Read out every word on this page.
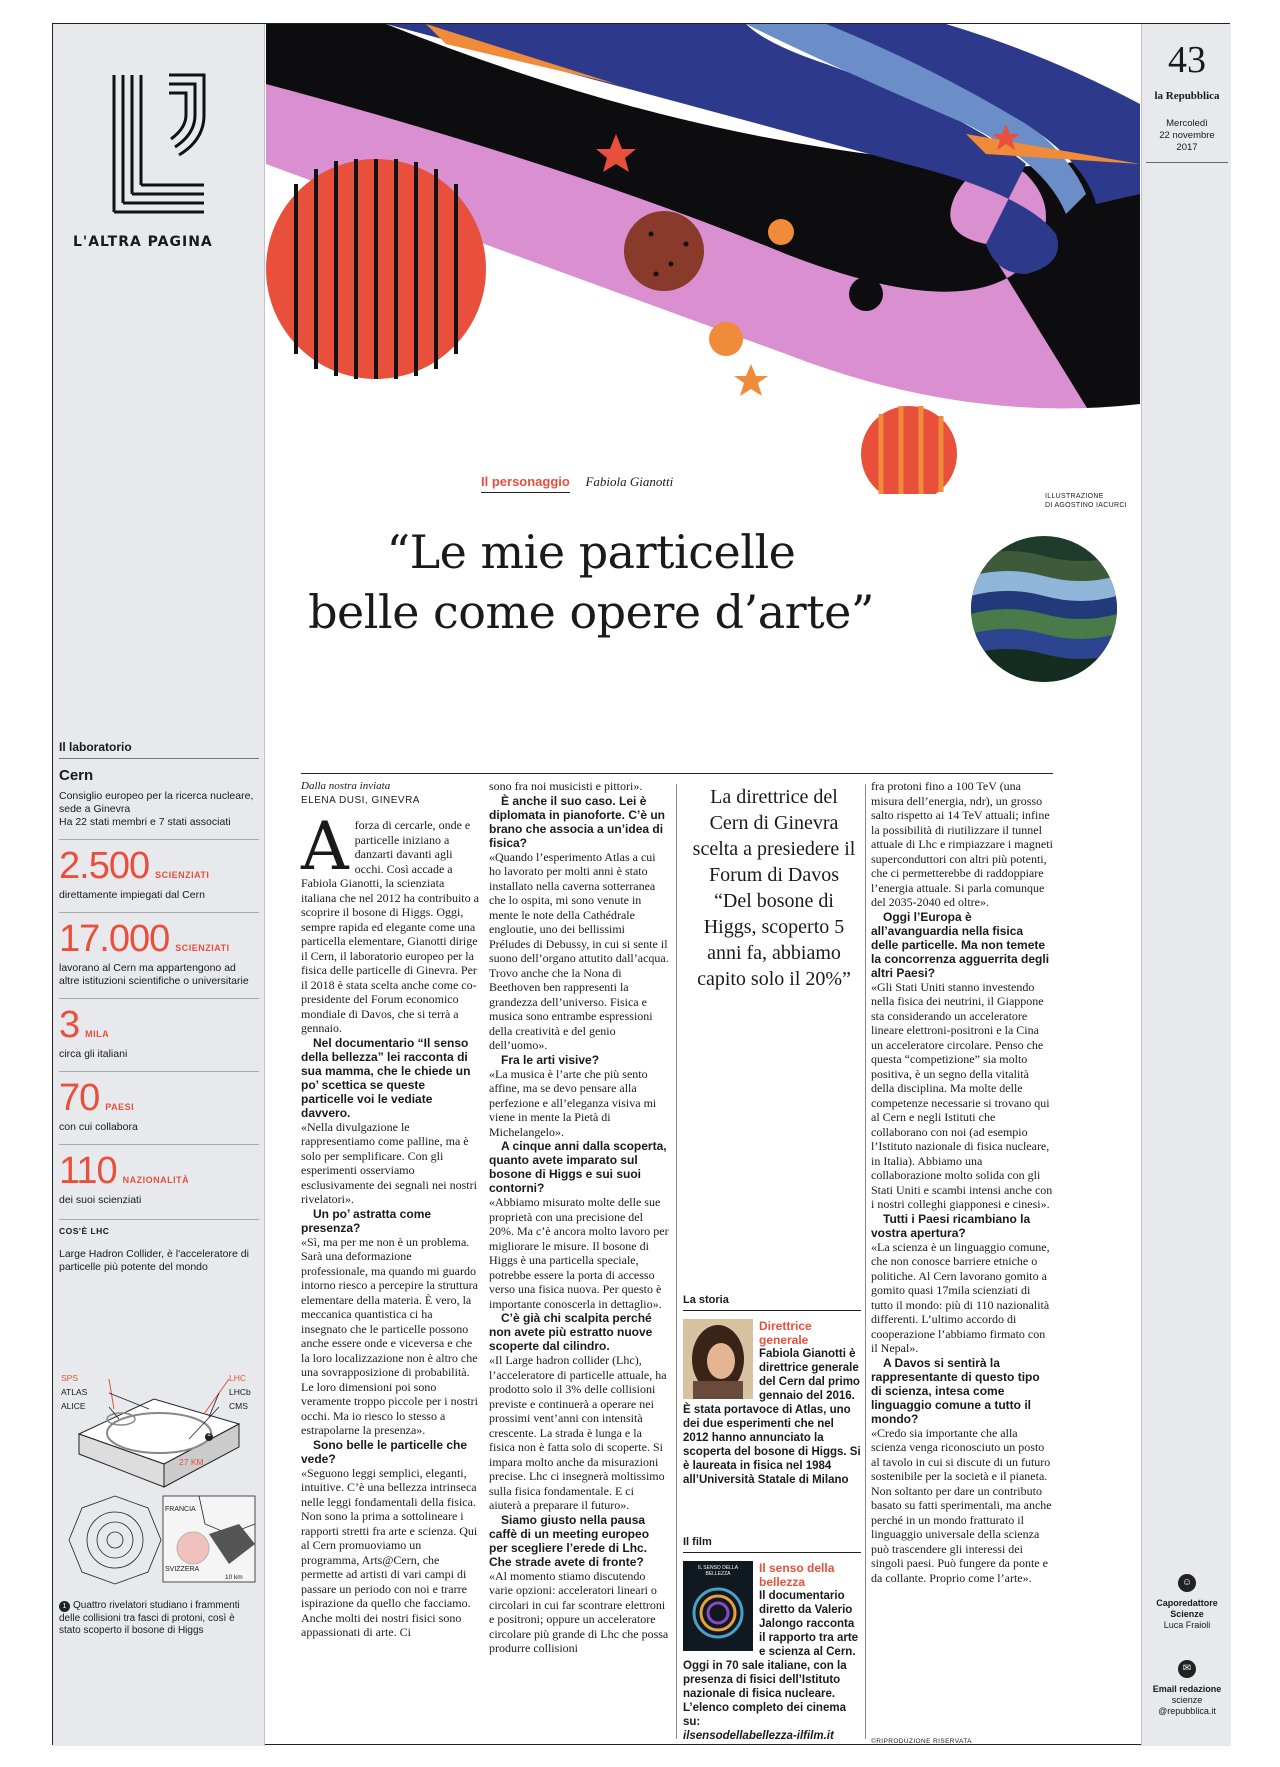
L'ALTRA PAGINA
Il laboratorio
Cern
Consiglio europeo per la ricerca nucleare, sede a Ginevra
Ha 22 stati membri e 7 stati associati
2.500 SCIENZIATI
direttamente impiegati dal Cern
17.000 SCIENZIATI
lavorano al Cern ma appartengono ad altre istituzioni scientifiche o universitarie
3 MILA
circa gli italiani
70 PAESI
con cui collabora
110 NAZIONALITÀ
dei suoi scienziati
COS'È LHC
Large Hadron Collider, è l'acceleratore di particelle più potente del mondo
SPS
ATLAS
ALICE
LHC
LHCb
CMS
27 KM
1
FRANCIA
SVIZZERA
10 km
1 Quattro rivelatori studiano i frammenti delle collisioni tra fasci di protoni, così è stato scoperto il bosone di Higgs
43
la Repubblica
Mercoledì
22 novembre
2017
☺
Caporedattore Scienze
Luca Fraioli
✉
Email redazione
scienze @repubblica.it
ILLUSTRAZIONE
DI AGOSTINO IACURCI
Il personaggio Fabiola Gianotti
“Le mie particelle
belle come opere d’arte”
Dalla nostra inviata
ELENA DUSI, GINEVRA
A forza di cercarle, onde e particelle iniziano a danzarti davanti agli occhi. Così accade a Fabiola Gianotti, la scienziata italiana che nel 2012 ha contribuito a scoprire il bosone di Higgs. Oggi, sempre rapida ed elegante come una particella elementare, Gianotti dirige il Cern, il laboratorio europeo per la fisica delle particelle di Ginevra. Per il 2018 è stata scelta anche come co-presidente del Forum economico mondiale di Davos, che si terrà a gennaio.

Nel documentario “Il senso della bellezza” lei racconta di sua mamma, che le chiede un po’ scettica se queste particelle voi le vediate davvero.

«Nella divulgazione le rappresentiamo come palline, ma è solo per semplificare. Con gli esperimenti osserviamo esclusivamente dei segnali nei nostri rivelatori».

Un po’ astratta come presenza?

«Sì, ma per me non è un problema. Sarà una deformazione professionale, ma quando mi guardo intorno riesco a percepire la struttura elementare della materia. È vero, la meccanica quantistica ci ha insegnato che le particelle possono anche essere onde e viceversa e che la loro localizzazione non è altro che una sovrapposizione di probabilità. Le loro dimensioni poi sono veramente troppo piccole per i nostri occhi. Ma io riesco lo stesso a estrapolarne la presenza».

Sono belle le particelle che vede?

«Seguono leggi semplici, eleganti, intuitive. C’è una bellezza intrinseca nelle leggi fondamentali della fisica. Non sono la prima a sottolineare i rapporti stretti fra arte e scienza. Qui al Cern promuoviamo un programma, Arts@Cern, che permette ad artisti di vari campi di passare un periodo con noi e trarre ispirazione da quello che facciamo. Anche molti dei nostri fisici sono appassionati di arte. Ci

sono fra noi musicisti e pittori».

È anche il suo caso. Lei è diplomata in pianoforte. C’è un brano che associa a un’idea di fisica?

«Quando l’esperimento Atlas a cui ho lavorato per molti anni è stato installato nella caverna sotterranea che lo ospita, mi sono venute in mente le note della Cathédrale engloutie, uno dei bellissimi Préludes di Debussy, in cui si sente il suono dell’organo attutito dall’acqua. Trovo anche che la Nona di Beethoven ben rappresenti la grandezza dell’universo. Fisica e musica sono entrambe espressioni della creatività e del genio dell’uomo».

Fra le arti visive?

«La musica è l’arte che più sento affine, ma se devo pensare alla perfezione e all’eleganza visiva mi viene in mente la Pietà di Michelangelo».

A cinque anni dalla scoperta, quanto avete imparato sul bosone di Higgs e sui suoi contorni?

«Abbiamo misurato molte delle sue proprietà con una precisione del 20%. Ma c’è ancora molto lavoro per migliorare le misure. Il bosone di Higgs è una particella speciale, potrebbe essere la porta di accesso verso una fisica nuova. Per questo è importante conoscerla in dettaglio».

C’è già chi scalpita perché non avete più estratto nuove scoperte dal cilindro.

«Il Large hadron collider (Lhc), l’acceleratore di particelle attuale, ha prodotto solo il 3% delle collisioni previste e continuerà a operare nei prossimi vent’anni con intensità crescente. La strada è lunga e la fisica non è fatta solo di scoperte. Si impara molto anche da misurazioni precise. Lhc ci insegnerà moltissimo sulla fisica fondamentale. E ci aiuterà a preparare il futuro».

Siamo giusto nella pausa caffè di un meeting europeo per scegliere l’erede di Lhc. Che strade avete di fronte?

«Al momento stiamo discutendo varie opzioni: acceleratori lineari o circolari in cui far scontrare elettroni e positroni; oppure un acceleratore circolare più grande di Lhc che possa produrre collisioni

La direttrice del Cern di Ginevra scelta a presiedere il Forum di Davos “Del bosone di Higgs, scoperto 5 anni fa, abbiamo capito solo il 20%”
La storia
Direttrice generale
Fabiola Gianotti è direttrice generale del Cern dal primo gennaio del 2016. È stata portavoce di Atlas, uno dei due esperimenti che nel 2012 hanno annunciato la scoperta del bosone di Higgs. Si è laureata in fisica nel 1984 all’Università Statale di Milano
Il film
IL SENSO DELLA BELLEZZA	Il senso della bellezza
Il documentario diretto da Valerio Jalongo racconta il rapporto tra arte e scienza al Cern. Oggi in 70 sale italiane, con la presenza di fisici dell’Istituto nazionale di fisica nucleare. L’elenco completo dei cinema su:
ilsensodellabellezza-ilfilm.it

fra protoni fino a 100 TeV (una misura dell’energia, ndr), un grosso salto rispetto ai 14 TeV attuali; infine la possibilità di riutilizzare il tunnel attuale di Lhc e rimpiazzare i magneti superconduttori con altri più potenti, che ci permetterebbe di raddoppiare l’energia attuale. Si parla comunque del 2035-2040 ed oltre».

Oggi l’Europa è all’avanguardia nella fisica delle particelle. Ma non temete la concorrenza agguerrita degli altri Paesi?

«Gli Stati Uniti stanno investendo nella fisica dei neutrini, il Giappone sta considerando un acceleratore lineare elettroni-positroni e la Cina un acceleratore circolare. Penso che questa “competizione” sia molto positiva, è un segno della vitalità della disciplina. Ma molte delle competenze necessarie si trovano qui al Cern e negli Istituti che collaborano con noi (ad esempio l’Istituto nazionale di fisica nucleare, in Italia). Abbiamo una collaborazione molto solida con gli Stati Uniti e scambi intensi anche con i nostri colleghi giapponesi e cinesi».

Tutti i Paesi ricambiano la vostra apertura?

«La scienza è un linguaggio comune, che non conosce barriere etniche o politiche. Al Cern lavorano gomito a gomito quasi 17mila scienziati di tutto il mondo: più di 110 nazionalità differenti. L’ultimo accordo di cooperazione l’abbiamo firmato con il Nepal».

A Davos si sentirà la rappresentante di questo tipo di scienza, intesa come linguaggio comune a tutto il mondo?

«Credo sia importante che alla scienza venga riconosciuto un posto al tavolo in cui si discute di un futuro sostenibile per la società e il pianeta. Non soltanto per dare un contributo basato su fatti sperimentali, ma anche perché in un mondo fratturato il linguaggio universale della scienza può trascendere gli interessi dei singoli paesi. Può fungere da ponte e da collante. Proprio come l’arte».

©RIPRODUZIONE RISERVATA
